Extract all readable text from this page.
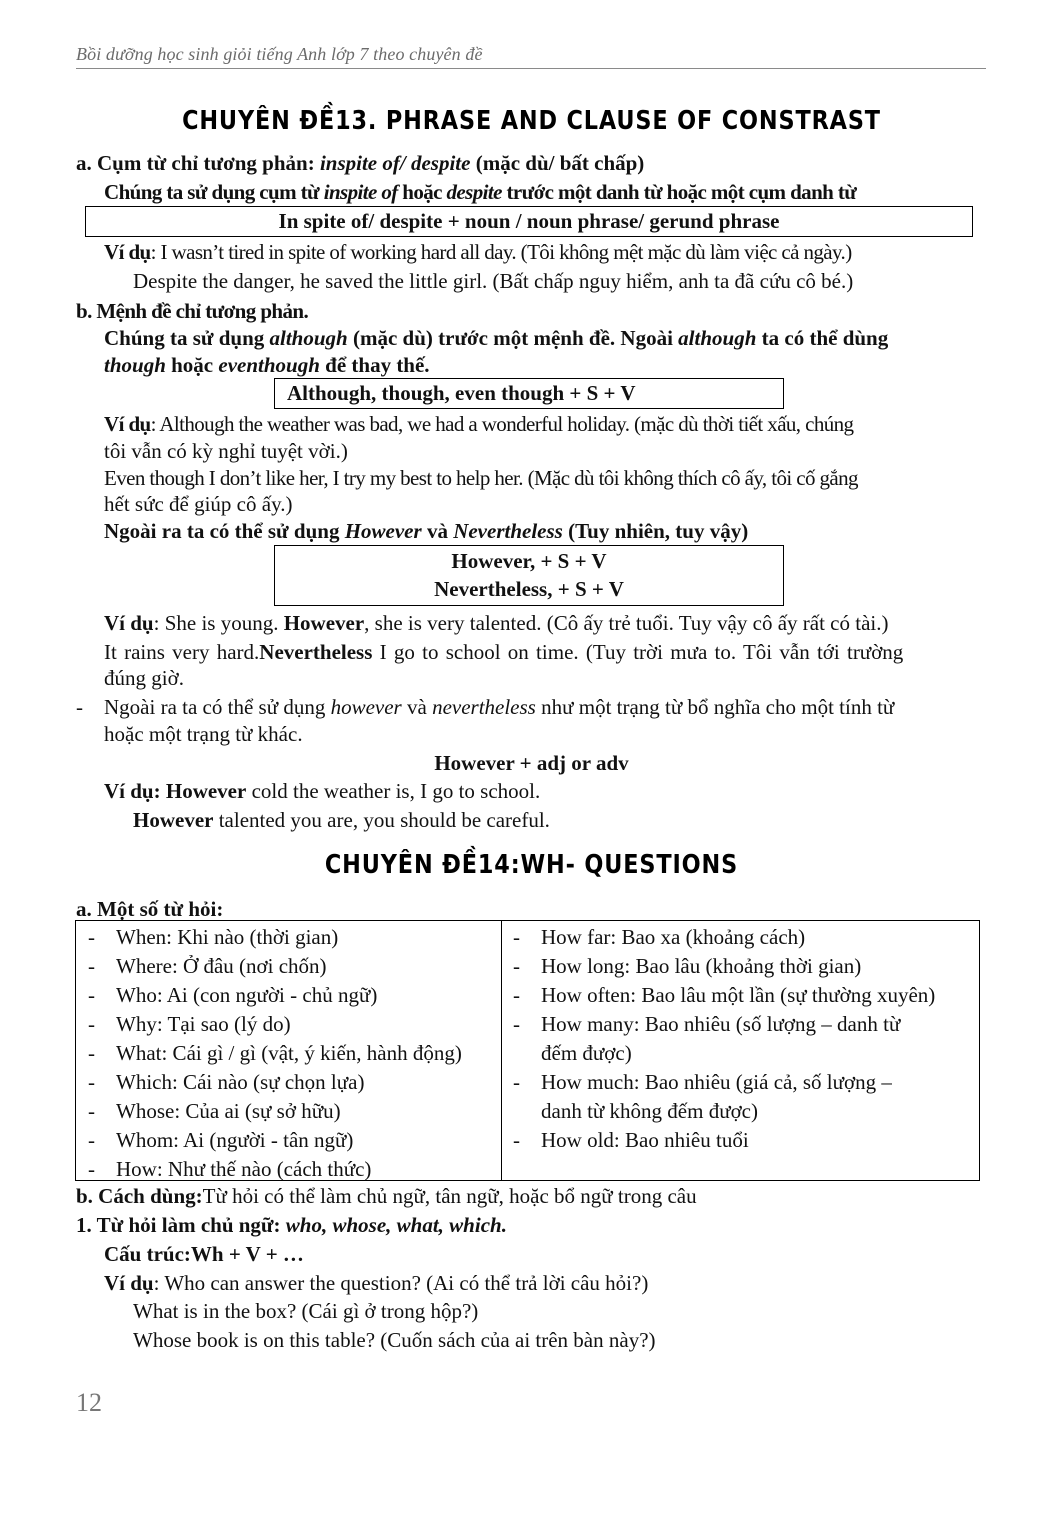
Bồi dưỡng học sinh giỏi tiếng Anh lớp 7 theo chuyên đề
CHUYÊN ĐỀ13. PHRASE AND CLAUSE OF CONSTRAST
a. Cụm từ chỉ tương phản: inspite of/ despite (mặc dù/ bất chấp)
Chúng ta sử dụng cụm từ inspite of hoặc despite trước một danh từ hoặc một cụm danh từ
In spite of/ despite + noun / noun phrase/ gerund phrase
Ví dụ: I wasn’t tired in spite of working hard all day. (Tôi không mệt mặc dù làm việc cả ngày.)
Despite the danger, he saved the little girl. (Bất chấp nguy hiểm, anh ta đã cứu cô bé.)
b. Mệnh đề chỉ tương phản.
Chúng ta sử dụng although (mặc dù) trước một mệnh đề. Ngoài although ta có thể dùng
though hoặc eventhough để thay thế.
Although, though, even though + S + V
Ví dụ: Although the weather was bad, we had a wonderful holiday. (mặc dù thời tiết xấu, chúng
tôi vẫn có kỳ nghỉ tuyệt vời.)
Even though I don’t like her, I try my best to help her. (Mặc dù tôi không thích cô ấy, tôi cố gắng
hết sức để giúp cô ấy.)
Ngoài ra ta có thể sử dụng However và Nevertheless (Tuy nhiên, tuy vậy)
However, + S + V
Nevertheless, + S + V
Ví dụ: She is young. However, she is very talented. (Cô ấy trẻ tuổi. Tuy vậy cô ấy rất có tài.)
It rains very hard.Nevertheless I go to school on time. (Tuy trời mưa to. Tôi vẫn tới trường
đúng giờ.
- Ngoài ra ta có thể sử dụng however và nevertheless như một trạng từ bổ nghĩa cho một tính từ
hoặc một trạng từ khác.
However + adj or adv
Ví dụ: However cold the weather is, I go to school.
However talented you are, you should be careful.
CHUYÊN ĐỀ14:WH- QUESTIONS
a. Một số từ hỏi:
-	When: Khi nào (thời gian)
-	Where: Ở đâu (nơi chốn)
-	Who: Ai (con người - chủ ngữ)
-	Why: Tại sao (lý do)
-	What: Cái gì / gì (vật, ý kiến, hành động)
-	Which: Cái nào (sự chọn lựa)
-	Whose: Của ai (sự sở hữu)
-	Whom: Ai (người - tân ngữ)
-	How: Như thế nào (cách thức)
-	How far: Bao xa (khoảng cách)
-	How long: Bao lâu (khoảng thời gian)
-	How often: Bao lâu một lần (sự thường xuyên)
-	How many: Bao nhiêu (số lượng – danh từ
đếm được)
-	How much: Bao nhiêu (giá cả, số lượng –
danh từ không đếm được)
-	How old: Bao nhiêu tuổi
b. Cách dùng:Từ hỏi có thể làm chủ ngữ, tân ngữ, hoặc bổ ngữ trong câu
1. Từ hỏi làm chủ ngữ: who, whose, what, which.
Cấu trúc:Wh + V + …
Ví dụ: Who can answer the question? (Ai có thể trả lời câu hỏi?)
What is in the box? (Cái gì ở trong hộp?)
Whose book is on this table? (Cuốn sách của ai trên bàn này?)
12
